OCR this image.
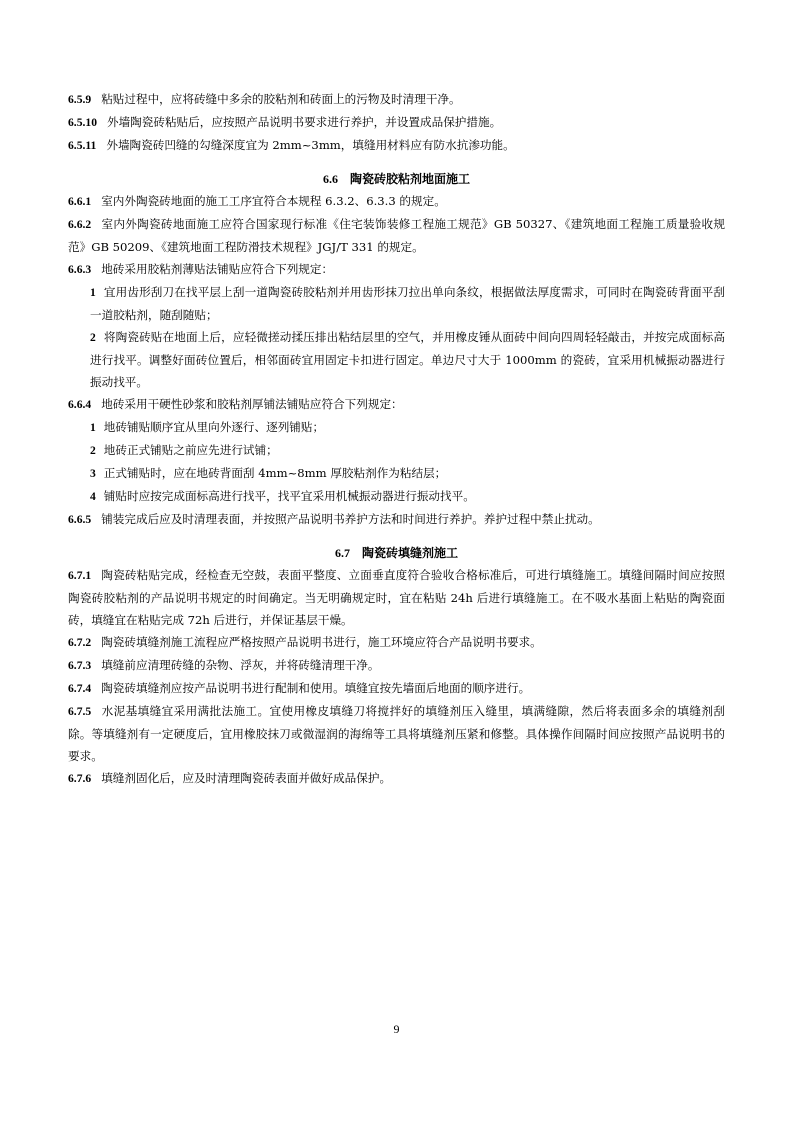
6.5.9 粘贴过程中，应将砖缝中多余的胶粘剂和砖面上的污物及时清理干净。

6.5.10 外墙陶瓷砖粘贴后，应按照产品说明书要求进行养护，并设置成品保护措施。

6.5.11 外墙陶瓷砖凹缝的勾缝深度宜为 2mm~3mm，填缝用材料应有防水抗渗功能。

6.6 陶瓷砖胶粘剂地面施工

6.6.1 室内外陶瓷砖地面的施工工序宜符合本规程 6.3.2、6.3.3 的规定。

6.6.2 室内外陶瓷砖地面施工应符合国家现行标准《住宅装饰装修工程施工规范》GB 50327、《建筑地面工程施工质量验收规范》GB 50209、《建筑地面工程防滑技术规程》JGJ/T 331 的规定。

6.6.3 地砖采用胶粘剂薄贴法铺贴应符合下列规定：

1 宜用齿形刮刀在找平层上刮一道陶瓷砖胶粘剂并用齿形抹刀拉出单向条纹，根据做法厚度需求，可同时在陶瓷砖背面平刮一道胶粘剂，随刮随贴；

2 将陶瓷砖贴在地面上后，应轻微搓动揉压排出粘结层里的空气，并用橡皮锤从面砖中间向四周轻轻敲击，并按完成面标高进行找平。调整好面砖位置后，相邻面砖宜用固定卡扣进行固定。单边尺寸大于 1000mm 的瓷砖，宜采用机械振动器进行振动找平。

6.6.4 地砖采用干硬性砂浆和胶粘剂厚铺法铺贴应符合下列规定：

1 地砖铺贴顺序宜从里向外逐行、逐列铺贴；

2 地砖正式铺贴之前应先进行试铺；

3 正式铺贴时，应在地砖背面刮 4mm~8mm 厚胶粘剂作为粘结层；

4 铺贴时应按完成面标高进行找平，找平宜采用机械振动器进行振动找平。

6.6.5 铺装完成后应及时清理表面，并按照产品说明书养护方法和时间进行养护。养护过程中禁止扰动。

6.7 陶瓷砖填缝剂施工

6.7.1 陶瓷砖粘贴完成，经检查无空鼓，表面平整度、立面垂直度符合验收合格标准后，可进行填缝施工。填缝间隔时间应按照陶瓷砖胶粘剂的产品说明书规定的时间确定。当无明确规定时，宜在粘贴 24h 后进行填缝施工。在不吸水基面上粘贴的陶瓷面砖，填缝宜在粘贴完成 72h 后进行，并保证基层干燥。

6.7.2 陶瓷砖填缝剂施工流程应严格按照产品说明书进行，施工环境应符合产品说明书要求。

6.7.3 填缝前应清理砖缝的杂物、浮灰，并将砖缝清理干净。

6.7.4 陶瓷砖填缝剂应按产品说明书进行配制和使用。填缝宜按先墙面后地面的顺序进行。

6.7.5 水泥基填缝宜采用满批法施工。宜使用橡皮填缝刀将搅拌好的填缝剂压入缝里，填满缝隙，然后将表面多余的填缝剂刮除。等填缝剂有一定硬度后，宜用橡胶抹刀或微湿润的海绵等工具将填缝剂压紧和修整。具体操作间隔时间应按照产品说明书的要求。

6.7.6 填缝剂固化后，应及时清理陶瓷砖表面并做好成品保护。

9
